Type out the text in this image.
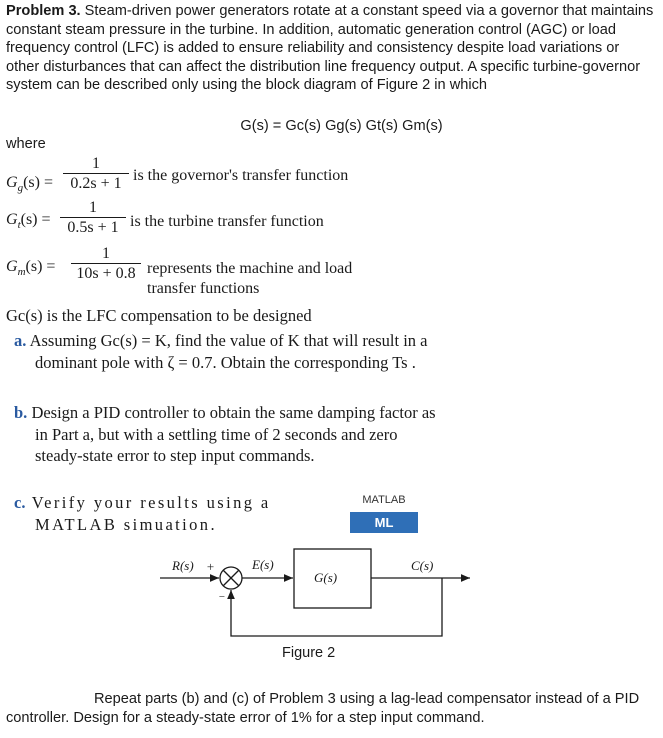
Problem 3. Steam-driven power generators rotate at a constant speed via a governor that maintains constant steam pressure in the turbine. In addition, automatic generation control (AGC) or load frequency control (LFC) is added to ensure reliability and consistency despite load variations or other disturbances that can affect the distribution line frequency output. A specific turbine-governor system can be described only using the block diagram of Figure 2 in which
G(s) = Gc(s) Gg(s) Gt(s) Gm(s)
where
$G_g(s)$ =
1
0.2s + 1 is the governor's transfer function
$G_t(s)$ =
1
0.5s + 1 is the turbine transfer function
$G_m(s)$ =
1
10s + 0.8 represents the machine and load
transfer functions
Gc(s) is the LFC compensation to be designed
a. Assuming Gc(s) = K, find the value of K that will result in a dominant pole with ζ = 0.7. Obtain the corresponding Ts .
b. Design a PID controller to obtain the same damping factor as in Part a, but with a settling time of 2 seconds and zero steady-state error to step input commands.
c. Verify your results using a
MATLAB simuation.
MATLAB
ML
R(s) +
−
E(s)
G(s)
C(s)
Figure 2
Repeat parts (b) and (c) of Problem 3 using a lag-lead compensator instead of a PID controller. Design for a steady-state error of 1% for a step input command.
